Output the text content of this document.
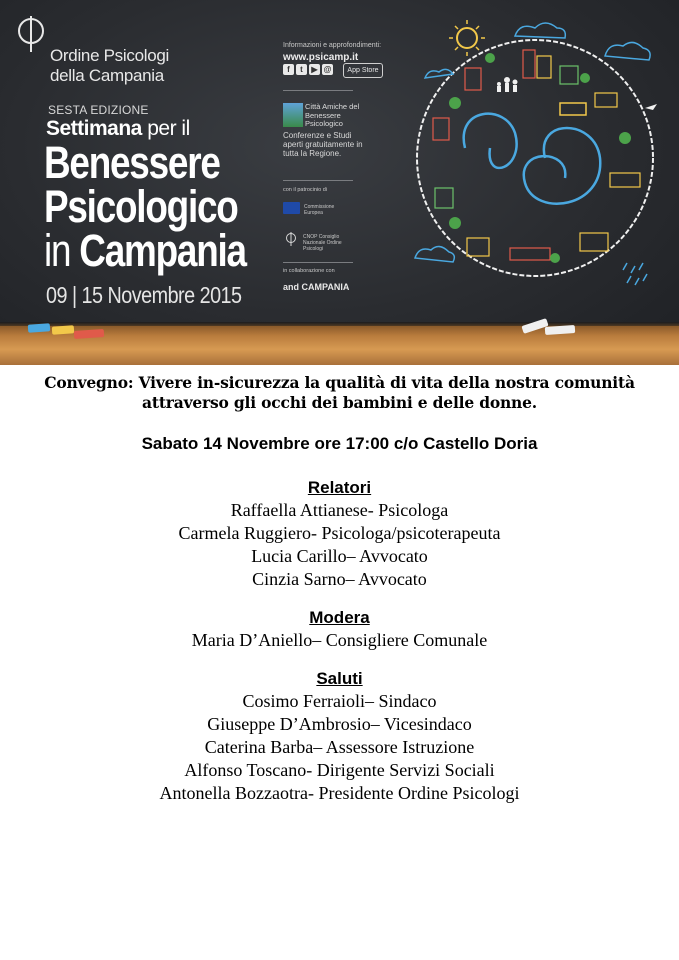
Ordine Psicologi
della Campania
SESTA EDIZIONE
Settimana per il
Benessere
Psicologico
in Campania
09 | 15 Novembre 2015
Informazioni e approfondimenti:
www.psicamp.it
f	t	▶ @	App Store
Città Amiche del Benessere Psicologico
Conferenze e Studi aperti gratuitamente in tutta la Regione.
con il patrocinio di
Commissione Europea
CNOP Consiglio Nazionale Ordine Psicologi
in collaborazione con
and CAMPANIA
Convegno: Vivere in-sicurezza la qualità di vita della nostra comunità attraverso gli occhi dei bambini e delle donne.
Sabato 14 Novembre ore 17:00 c/o Castello Doria
Relatori
Raffaella Attianese- Psicologa
Carmela Ruggiero- Psicologa/psicoterapeuta
Lucia Carillo– Avvocato
Cinzia Sarno– Avvocato
Modera
Maria D’Aniello– Consigliere Comunale
Saluti
Cosimo Ferraioli– Sindaco
Giuseppe D’Ambrosio– Vicesindaco
Caterina Barba– Assessore Istruzione
Alfonso Toscano- Dirigente Servizi Sociali
Antonella Bozzaotra- Presidente Ordine Psicologi
